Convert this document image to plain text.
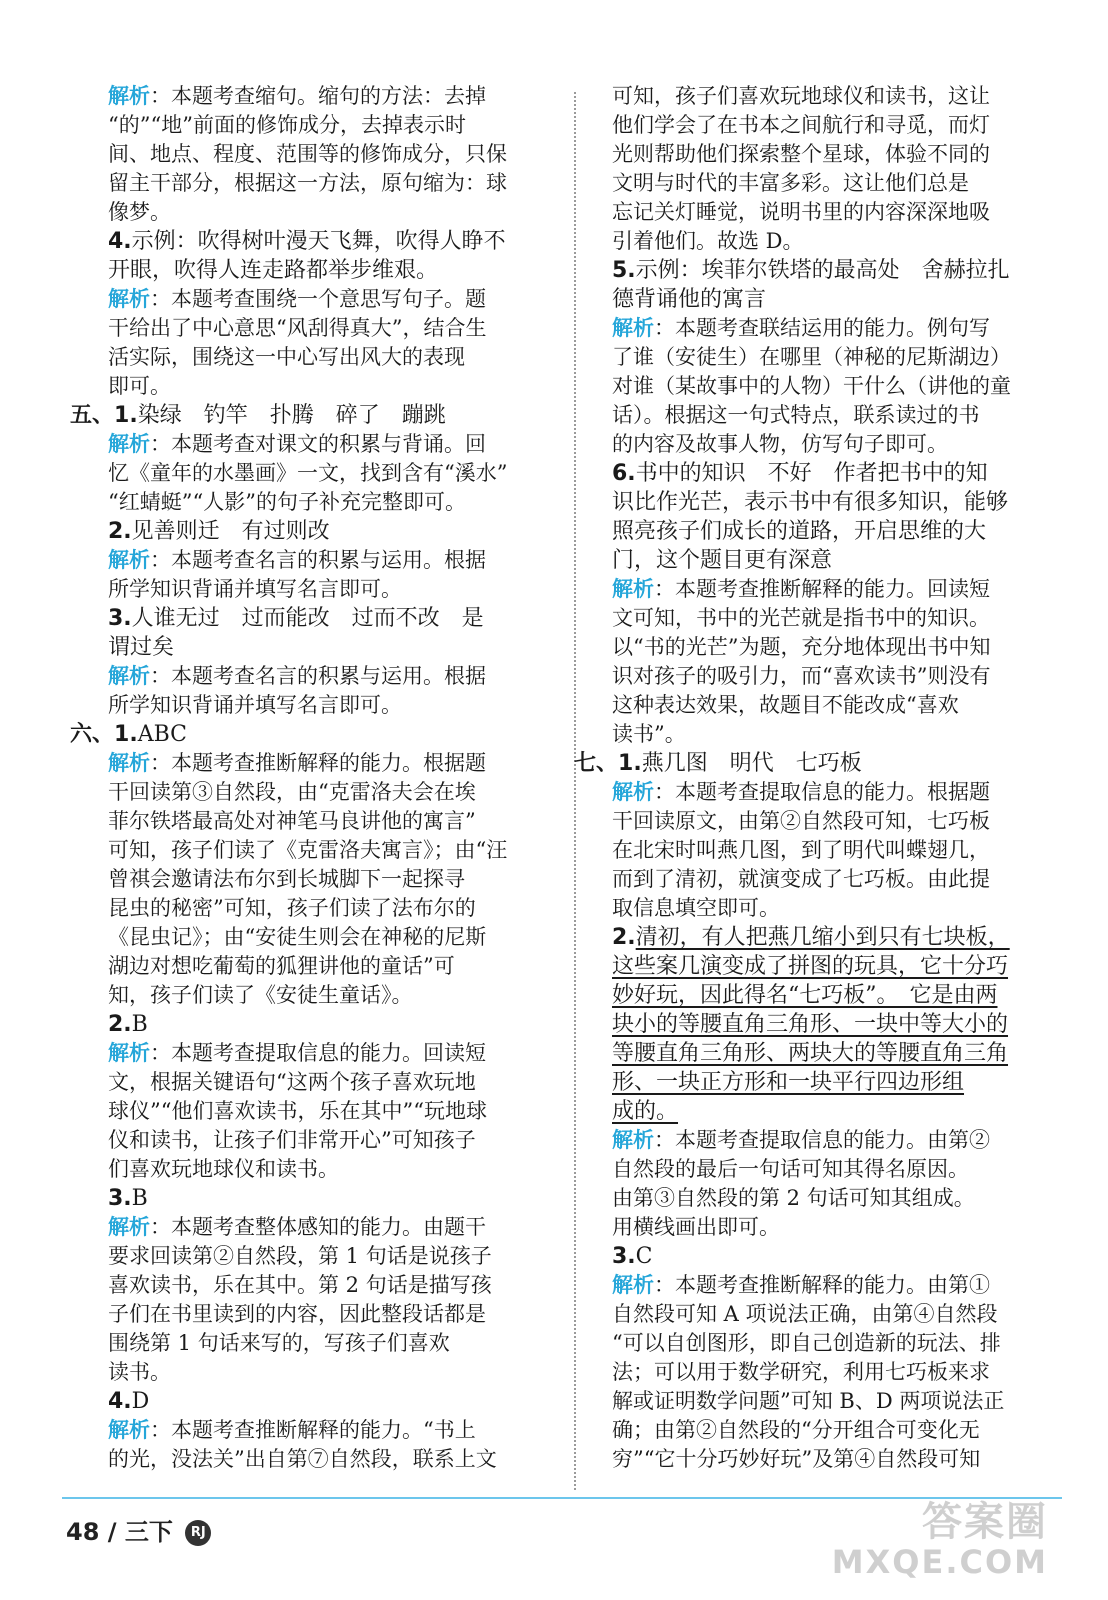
解析：本题考查缩句。缩句的方法：去掉
“的”“地”前面的修饰成分，去掉表示时
间、地点、程度、范围等的修饰成分，只保
留主干部分，根据这一方法，原句缩为：球
像梦。
4.示例：吹得树叶漫天飞舞，吹得人睁不
开眼，吹得人连走路都举步维艰。
解析：本题考查围绕一个意思写句子。题
干给出了中心意思“风刮得真大”，结合生
活实际，围绕这一中心写出风大的表现
即可。
五、1.染绿　钓竿　扑腾　碎了　蹦跳
解析：本题考查对课文的积累与背诵。回
忆《童年的水墨画》一文，找到含有“溪水”
“红蜻蜓”“人影”的句子补充完整即可。
2.见善则迁　有过则改
解析：本题考查名言的积累与运用。根据
所学知识背诵并填写名言即可。
3.人谁无过　过而能改　过而不改　是
谓过矣
解析：本题考查名言的积累与运用。根据
所学知识背诵并填写名言即可。
六、1.ABC
解析：本题考查推断解释的能力。根据题
干回读第③自然段，由“克雷洛夫会在埃
菲尔铁塔最高处对神笔马良讲他的寓言”
可知，孩子们读了《克雷洛夫寓言》；由“汪
曾祺会邀请法布尔到长城脚下一起探寻
昆虫的秘密”可知，孩子们读了法布尔的
《昆虫记》；由“安徒生则会在神秘的尼斯
湖边对想吃葡萄的狐狸讲他的童话”可
知，孩子们读了《安徒生童话》。
2.B
解析：本题考查提取信息的能力。回读短
文，根据关键语句“这两个孩子喜欢玩地
球仪”“他们喜欢读书，乐在其中”“玩地球
仪和读书，让孩子们非常开心”可知孩子
们喜欢玩地球仪和读书。
3.B
解析：本题考查整体感知的能力。由题干
要求回读第②自然段，第 1 句话是说孩子
喜欢读书，乐在其中。第 2 句话是描写孩
子们在书里读到的内容，因此整段话都是
围绕第 1 句话来写的，写孩子们喜欢
读书。
4.D
解析：本题考查推断解释的能力。“书上
的光，没法关”出自第⑦自然段，联系上文
可知，孩子们喜欢玩地球仪和读书，这让
他们学会了在书本之间航行和寻觅，而灯
光则帮助他们探索整个星球，体验不同的
文明与时代的丰富多彩。这让他们总是
忘记关灯睡觉，说明书里的内容深深地吸
引着他们。故选 D。
5.示例：埃菲尔铁塔的最高处　舍赫拉扎
德背诵他的寓言
解析：本题考查联结运用的能力。例句写
了谁（安徒生）在哪里（神秘的尼斯湖边）
对谁（某故事中的人物）干什么（讲他的童
话）。根据这一句式特点，联系读过的书
的内容及故事人物，仿写句子即可。
6.书中的知识　不好　作者把书中的知
识比作光芒，表示书中有很多知识，能够
照亮孩子们成长的道路，开启思维的大
门，这个题目更有深意
解析：本题考查推断解释的能力。回读短
文可知，书中的光芒就是指书中的知识。
以“书的光芒”为题，充分地体现出书中知
识对孩子的吸引力，而“喜欢读书”则没有
这种表达效果，故题目不能改成“喜欢
读书”。
七、1.燕几图　明代　七巧板
解析：本题考查提取信息的能力。根据题
干回读原文，由第②自然段可知，七巧板
在北宋时叫燕几图，到了明代叫蝶翅几，
而到了清初，就演变成了七巧板。由此提
取信息填空即可。
2.清初，有人把燕几缩小到只有七块板，
这些案几演变成了拼图的玩具，它十分巧
妙好玩，因此得名“七巧板”。　它是由两
块小的等腰直角三角形、一块中等大小的
等腰直角三角形、两块大的等腰直角三角
形、一块正方形和一块平行四边形组
成的。
解析：本题考查提取信息的能力。由第②
自然段的最后一句话可知其得名原因。
由第③自然段的第 2 句话可知其组成。
用横线画出即可。
3.C
解析：本题考查推断解释的能力。由第①
自然段可知 A 项说法正确，由第④自然段
“可以自创图形，即自己创造新的玩法、排
法；可以用于数学研究，利用七巧板来求
解或证明数学问题”可知 B、D 两项说法正
确；由第②自然段的“分开组合可变化无
穷”“它十分巧妙好玩”及第④自然段可知
48 / 三下 RJ	答案圈
MXQE.COM
